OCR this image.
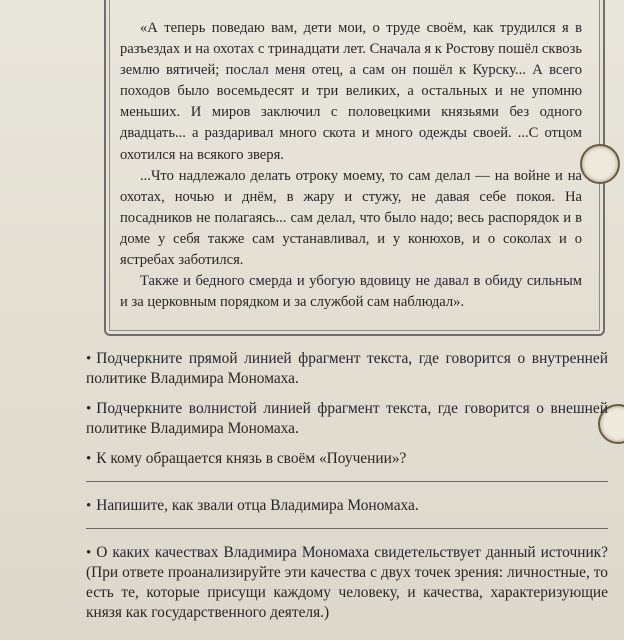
«А теперь поведаю вам, дети мои, о труде своём, как трудился я в разъездах и на охотах с тринадцати лет. Сначала я к Ростову пошёл сквозь землю вятичей; послал меня отец, а сам он пошёл к Курску... А всего походов было восемьдесят и три великих, а остальных и не упомню меньших. И миров заключил с половецкими князьями без одного двадцать... а раздаривал много скота и много одежды своей. ...С отцом охотился на всякого зверя.

...Что надлежало делать отроку моему, то сам делал — на войне и на охотах, ночью и днём, в жару и стужу, не давая себе покоя. На посадников не полагаясь... сам делал, что было надо; весь распорядок и в доме у себя также сам устанавливал, и у конюхов, и о соколах и о ястребах заботился.

Также и бедного смерда и убогую вдовицу не давал в обиду сильным и за церковным порядком и за службой сам наблюдал».

• Подчеркните прямой линией фрагмент текста, где говорится о внутренней политике Владимира Мономаха.
• Подчеркните волнистой линией фрагмент текста, где говорится о внешней политике Владимира Мономаха.
• К кому обращается князь в своём «Поучении»?
• Напишите, как звали отца Владимира Мономаха.
• О каких качествах Владимира Мономаха свидетельствует данный источник? (При ответе проанализируйте эти качества с двух точек зрения: личностные, то есть те, которые присущи каждому человеку, и качества, характеризующие князя как государственного деятеля.)
